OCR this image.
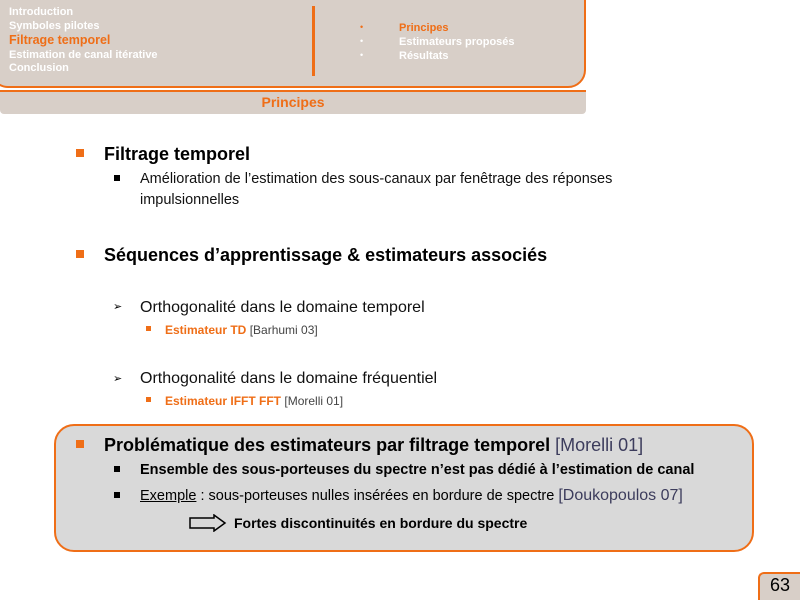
Introduction
Symboles pilotes
Filtrage temporel
Estimation de canal itérative
Conclusion
•	Principes
•	Estimateurs proposés
•	Résultats
Principes
Filtrage temporel
Amélioration de l’estimation des sous-canaux par fenêtrage des réponses
impulsionnelles
Séquences d’apprentissage & estimateurs associés
➢ Orthogonalité dans le domaine temporel
Estimateur TD [Barhumi 03]
➢ Orthogonalité dans le domaine fréquentiel
Estimateur IFFT FFT [Morelli 01]
Problématique des estimateurs par filtrage temporel [Morelli 01]
Ensemble des sous-porteuses du spectre n’est pas dédié à l’estimation de canal
Exemple : sous-porteuses nulles insérées en bordure de spectre [Doukopoulos 07]
Fortes discontinuités en bordure du spectre
63
